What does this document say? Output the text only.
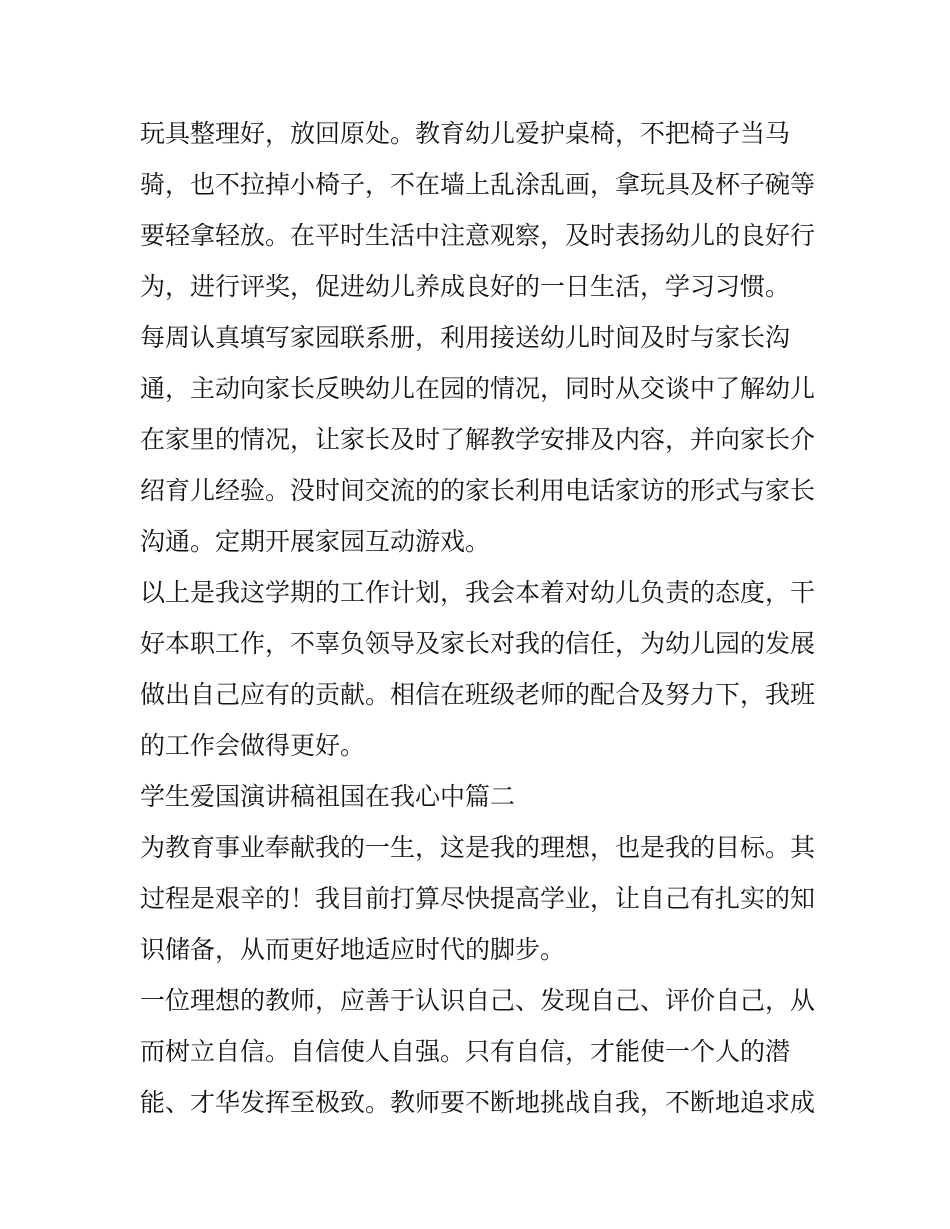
玩具整理好，放回原处。教育幼儿爱护桌椅，不把椅子当马
骑，也不拉掉小椅子，不在墙上乱涂乱画，拿玩具及杯子碗等
要轻拿轻放。在平时生活中注意观察，及时表扬幼儿的良好行
为，进行评奖，促进幼儿养成良好的一日生活，学习习惯。
每周认真填写家园联系册，利用接送幼儿时间及时与家长沟
通，主动向家长反映幼儿在园的情况，同时从交谈中了解幼儿
在家里的情况，让家长及时了解教学安排及内容，并向家长介
绍育儿经验。没时间交流的的家长利用电话家访的形式与家长
沟通。定期开展家园互动游戏。
以上是我这学期的工作计划，我会本着对幼儿负责的态度，干
好本职工作，不辜负领导及家长对我的信任，为幼儿园的发展
做出自己应有的贡献。相信在班级老师的配合及努力下，我班
的工作会做得更好。
学生爱国演讲稿祖国在我心中篇二
为教育事业奉献我的一生，这是我的理想，也是我的目标。其
过程是艰辛的！我目前打算尽快提高学业，让自己有扎实的知
识储备，从而更好地适应时代的脚步。
一位理想的教师，应善于认识自己、发现自己、评价自己，从
而树立自信。自信使人自强。只有自信，才能使一个人的潜
能、才华发挥至极致。教师要不断地挑战自我，不断地追求成
